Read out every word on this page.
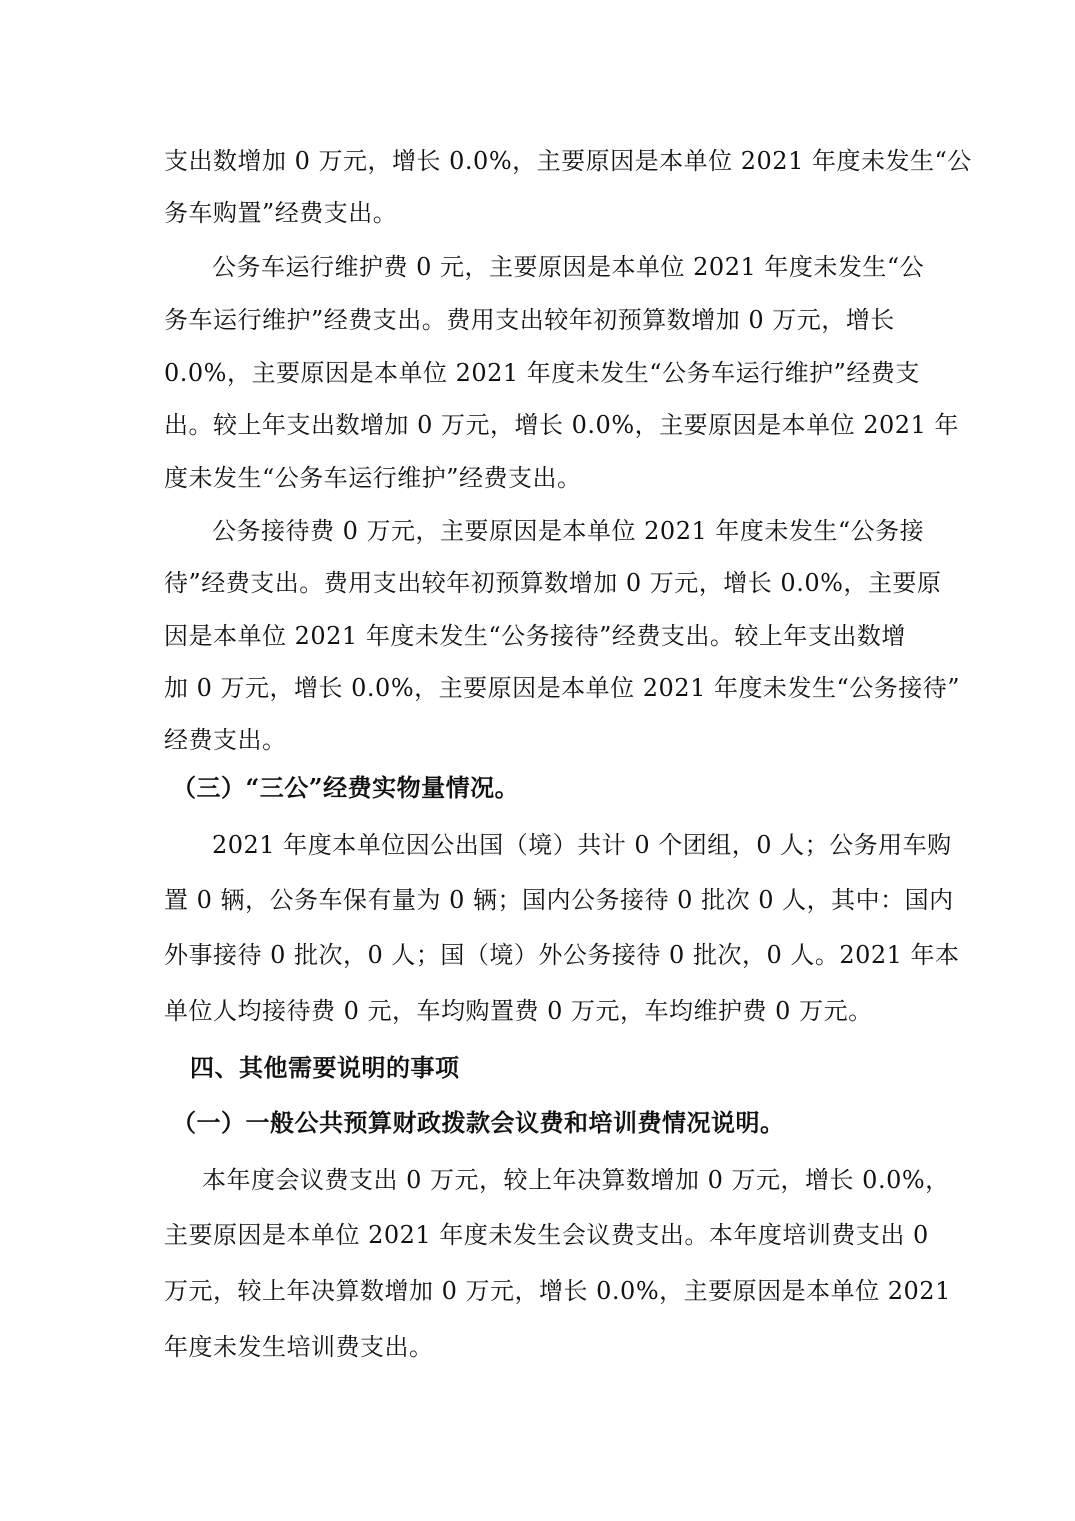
支出数增加 0 万元，增长 0.0%，主要原因是本单位 2021 年度未发生“公
务车购置”经费支出。
公务车运行维护费 0 元，主要原因是本单位 2021 年度未发生“公
务车运行维护”经费支出。费用支出较年初预算数增加 0 万元，增长
0.0%，主要原因是本单位 2021 年度未发生“公务车运行维护”经费支
出。较上年支出数增加 0 万元，增长 0.0%，主要原因是本单位 2021 年
度未发生“公务车运行维护”经费支出。
公务接待费 0 万元，主要原因是本单位 2021 年度未发生“公务接
待”经费支出。费用支出较年初预算数增加 0 万元，增长 0.0%，主要原
因是本单位 2021 年度未发生“公务接待”经费支出。较上年支出数增
加 0 万元，增长 0.0%，主要原因是本单位 2021 年度未发生“公务接待”
经费支出。
（三）“三公”经费实物量情况。
2021 年度本单位因公出国（境）共计 0 个团组，0 人；公务用车购
置 0 辆，公务车保有量为 0 辆；国内公务接待 0 批次 0 人，其中：国内
外事接待 0 批次，0 人；国（境）外公务接待 0 批次，0 人。2021 年本
单位人均接待费 0 元，车均购置费 0 万元，车均维护费 0 万元。
四、其他需要说明的事项
（一）一般公共预算财政拨款会议费和培训费情况说明。
本年度会议费支出 0 万元，较上年决算数增加 0 万元，增长 0.0%，
主要原因是本单位 2021 年度未发生会议费支出。本年度培训费支出 0
万元，较上年决算数增加 0 万元，增长 0.0%，主要原因是本单位 2021
年度未发生培训费支出。
